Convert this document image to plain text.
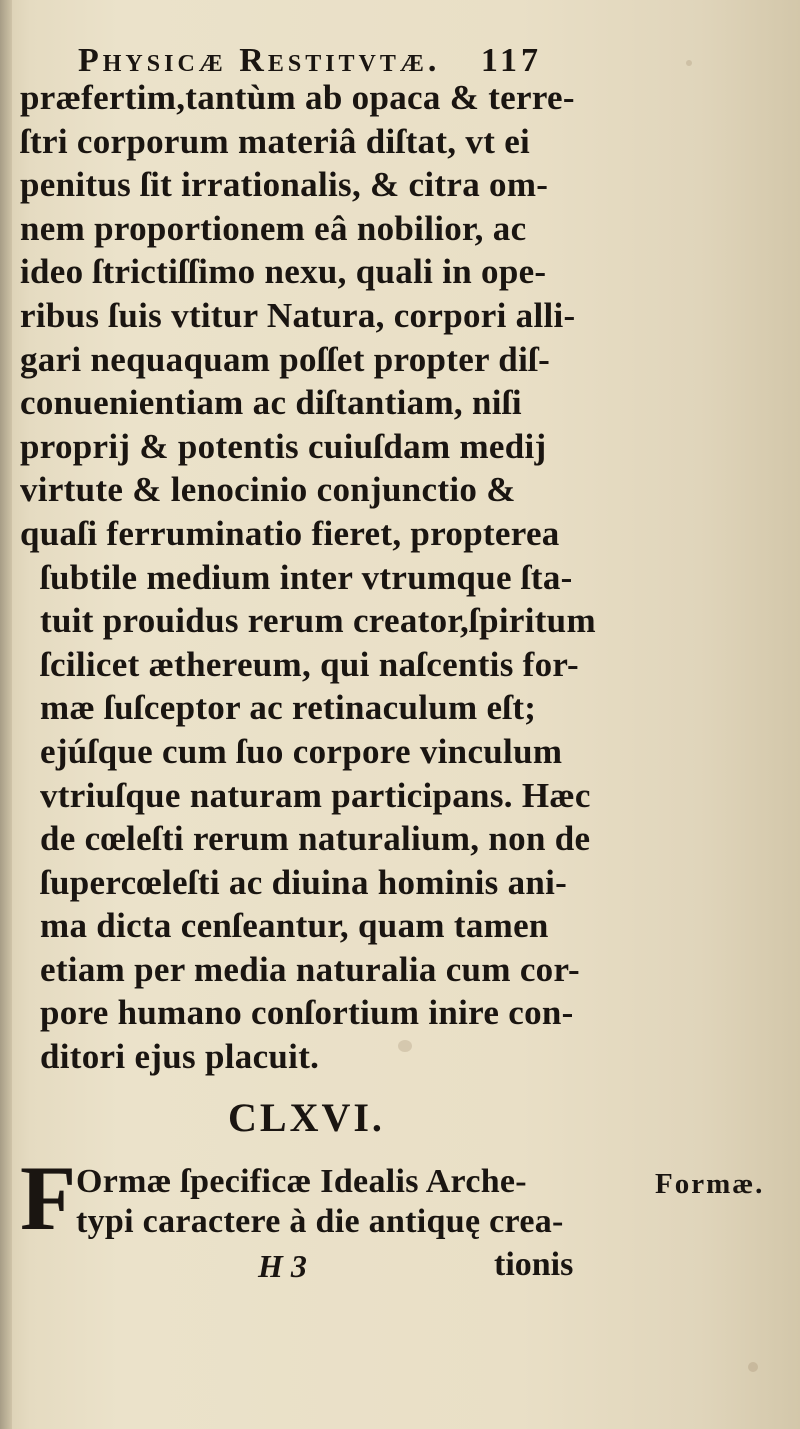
Physicæ Restitvtæ. 117
præfertim,tantùm ab opaca & terre-
ſtri corporum materiâ diſtat, vt ei
penitus ſit irrationalis, & citra om-
nem proportionem eâ nobilior, ac
ideo ſtrictiſſimo nexu, quali in ope-
ribus ſuis vtitur Natura, corpori alli-
gari nequaquam poſſet propter diſ-
conuenientiam ac diſtantiam, niſi
proprij & potentis cuiuſdam medij
virtute & lenocinio conjunctio &
quaſi ferruminatio fieret, propterea
ſubtile medium inter vtrumque ſta-
tuit prouidus rerum creator,ſpiritum
ſcilicet æthereum, qui naſcentis for-
mæ ſuſceptor ac retinaculum eſt;
ejúſque cum ſuo corpore vinculum
vtriuſque naturam participans. Hæc
de cœleſti rerum naturalium, non de
ſupercœleſti ac diuina hominis ani-
ma dicta cenſeantur, quam tamen
etiam per media naturalia cum cor-
pore humano conſortium inire con-
ditori ejus placuit.
CLXVI.
F Ormæ ſpecificæ Idealis Arche-
typi caractere à die antiquę crea-
Formæ.
H 3	tionis
